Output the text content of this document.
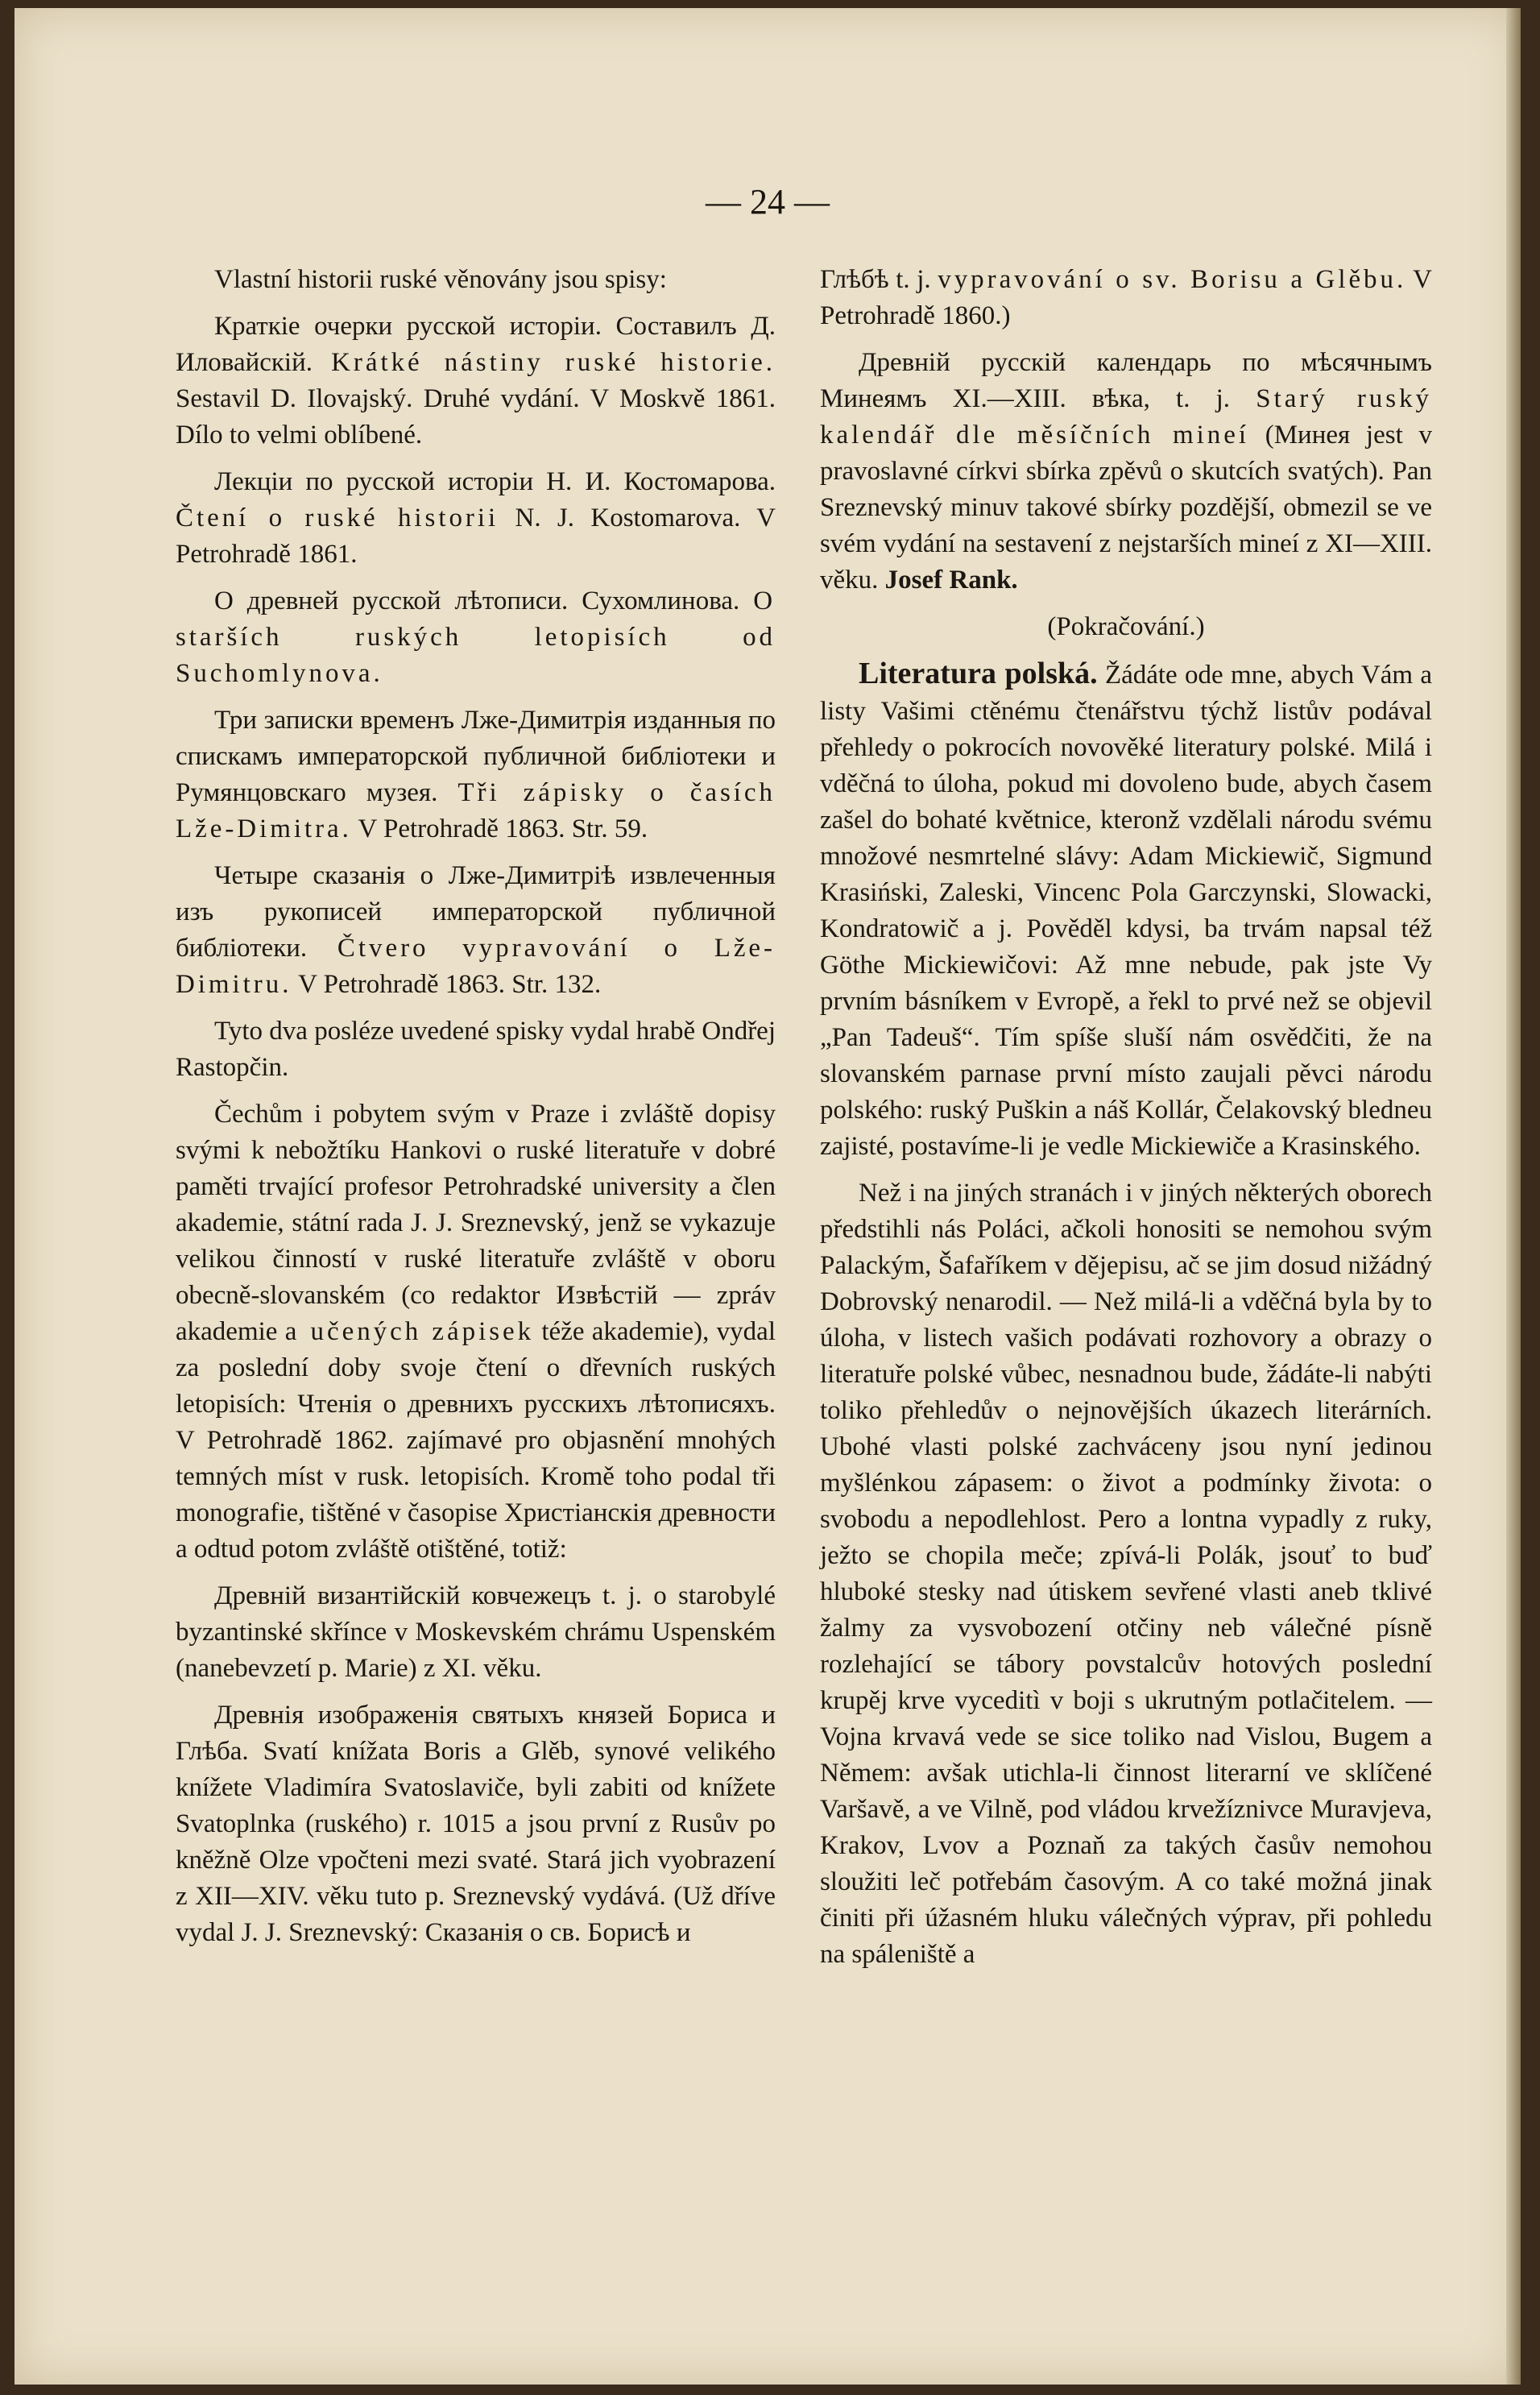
— 24 —

Vlastní historii ruské věnovány jsou spisy:

Краткіе очерки русской исторіи. Составилъ Д. Иловайскій. Krátké nástiny ruské historie. Sestavil D. Ilovajský. Druhé vydání. V Moskvě 1861. Dílo to velmi oblíbené.

Лекціи по русской исторіи Н. И. Костомарова. Čtení o ruské historii N. J. Kostomarova. V Petrohradě 1861.

О древней русской лѣтописи. Сухомлинова. O starších ruských letopisích od Suchomlynova.

Три записки временъ Лже-Димитрія изданныя по спискамъ императорской публичной библіотеки и Румянцовскаго музея. Tři zápisky o časích Lže-Dimitra. V Petrohradě 1863. Str. 59.

Четыре сказанія о Лже-Димитріѣ извлеченныя изъ рукописей императорской публичной библіотеки. Čtvero vypravování o Lže-Dimitru. V Petrohradě 1863. Str. 132.

Tyto dva posléze uvedené spisky vydal hrabě Ondřej Rastopčin.

Čechům i pobytem svým v Praze i zvláště dopisy svými k nebožtíku Hankovi o ruské literatuře v dobré paměti trvající profesor Petrohradské university a člen akademie, státní rada J. J. Sreznevský, jenž se vykazuje velikou činností v ruské literatuře zvláště v oboru obecně-slovanském (co redaktor Извѣстій — zpráv akademie a učených zápisek téže akademie), vydal za poslední doby svoje čtení o dřevních ruských letopisích: Чтенія о древнихъ русскихъ лѣтописяхъ. V Petrohradě 1862. zajímavé pro objasnění mnohých temných míst v rusk. letopisích. Kromě toho podal tři monografie, tištěné v časopise Христіанскія древности a odtud potom zvláště otištěné, totiž:

Древній византійскій ковчежецъ t. j. o starobylé byzantinské skřínce v Moskevském chrámu Uspenském (nanebevzetí p. Marie) z XI. věku.

Древнія изображенія святыхъ князей Бориса и Глѣба. Svatí knížata Boris a Glěb, synové velikého knížete Vladimíra Svatoslaviče, byli zabiti od knížete Svatoplnka (ruského) r. 1015 a jsou první z Rusův po kněžně Olze vpočteni mezi svaté. Stará jich vyobrazení z XII—XIV. věku tuto p. Sreznevský vydává. (Už dříve vydal J. J. Sreznevský: Сказанія о св. Борисѣ и

Глѣбѣ t. j. vypravování o sv. Borisu a Glěbu. V Petrohradě 1860.)

Древній русскій календарь по мѣсячнымъ Минеямъ XI.—XIII. вѣка, t. j. Starý ruský kalendář dle měsíčních mineí (Минея jest v pravoslavné církvi sbírka zpěvů o skutcích svatých). Pan Sreznevský minuv takové sbírky pozdější, obmezil se ve svém vydání na sestavení z nejstarších mineí z XI—XIII. věku. Josef Rank.

(Pokračování.)

Literatura polská. Žádáte ode mne, abych Vám a listy Vašimi ctěnému čtenářstvu týchž listův podával přehledy o pokrocích novověké literatury polské. Milá i vděčná to úloha, pokud mi dovoleno bude, abych časem zašel do bohaté květnice, kteronž vzdělali národu svému množové nesmrtelné slávy: Adam Mickiewič, Sigmund Krasiński, Zaleski, Vincenc Pola Garczynski, Slowacki, Kondratowič a j. Pověděl kdysi, ba trvám napsal též Göthe Mickiewičovi: Až mne nebude, pak jste Vy prvním básníkem v Evropě, a řekl to prvé než se objevil „Pan Tadeuš“. Tím spíše sluší nám osvědčiti, že na slovanském parnase první místo zaujali pěvci národu polského: ruský Puškin a náš Kollár, Čelakovský bledneu zajisté, postavíme-li je vedle Mickiewiče a Krasinského.

Než i na jiných stranách i v jiných některých oborech předstihli nás Poláci, ačkoli honositi se nemohou svým Palackým, Šafaříkem v dějepisu, ač se jim dosud nižádný Dobrovský nenarodil. — Než milá-li a vděčná byla by to úloha, v listech vašich podávati rozhovory a obrazy o literatuře polské vůbec, nesnadnou bude, žádáte-li nabýti toliko přehledův o nejnovějších úkazech literárních. Ubohé vlasti polské zachváceny jsou nyní jedinou myšlénkou zápasem: o život a podmínky života: o svobodu a nepodlehlost. Pero a lontna vypadly z ruky, ježto se chopila meče; zpívá-li Polák, jsouť to buď hluboké stesky nad útiskem sevřené vlasti aneb tklivé žalmy za vysvobození otčiny neb válečné písně rozlehající se tábory povstalcův hotových poslední krupěj krve vyceditì v boji s ukrutným potlačitelem. — Vojna krvavá vede se sice toliko nad Vislou, Bugem a Němem: avšak utichla-li činnost literarní ve sklíčené Varšavě, a ve Vilně, pod vládou krvežíznivce Muravjeva, Krakov, Lvov a Poznaň za takých časův nemohou sloužiti leč potřebám časovým. A co také možná jinak činiti při úžasném hluku válečných výprav, při pohledu na spáleniště a
